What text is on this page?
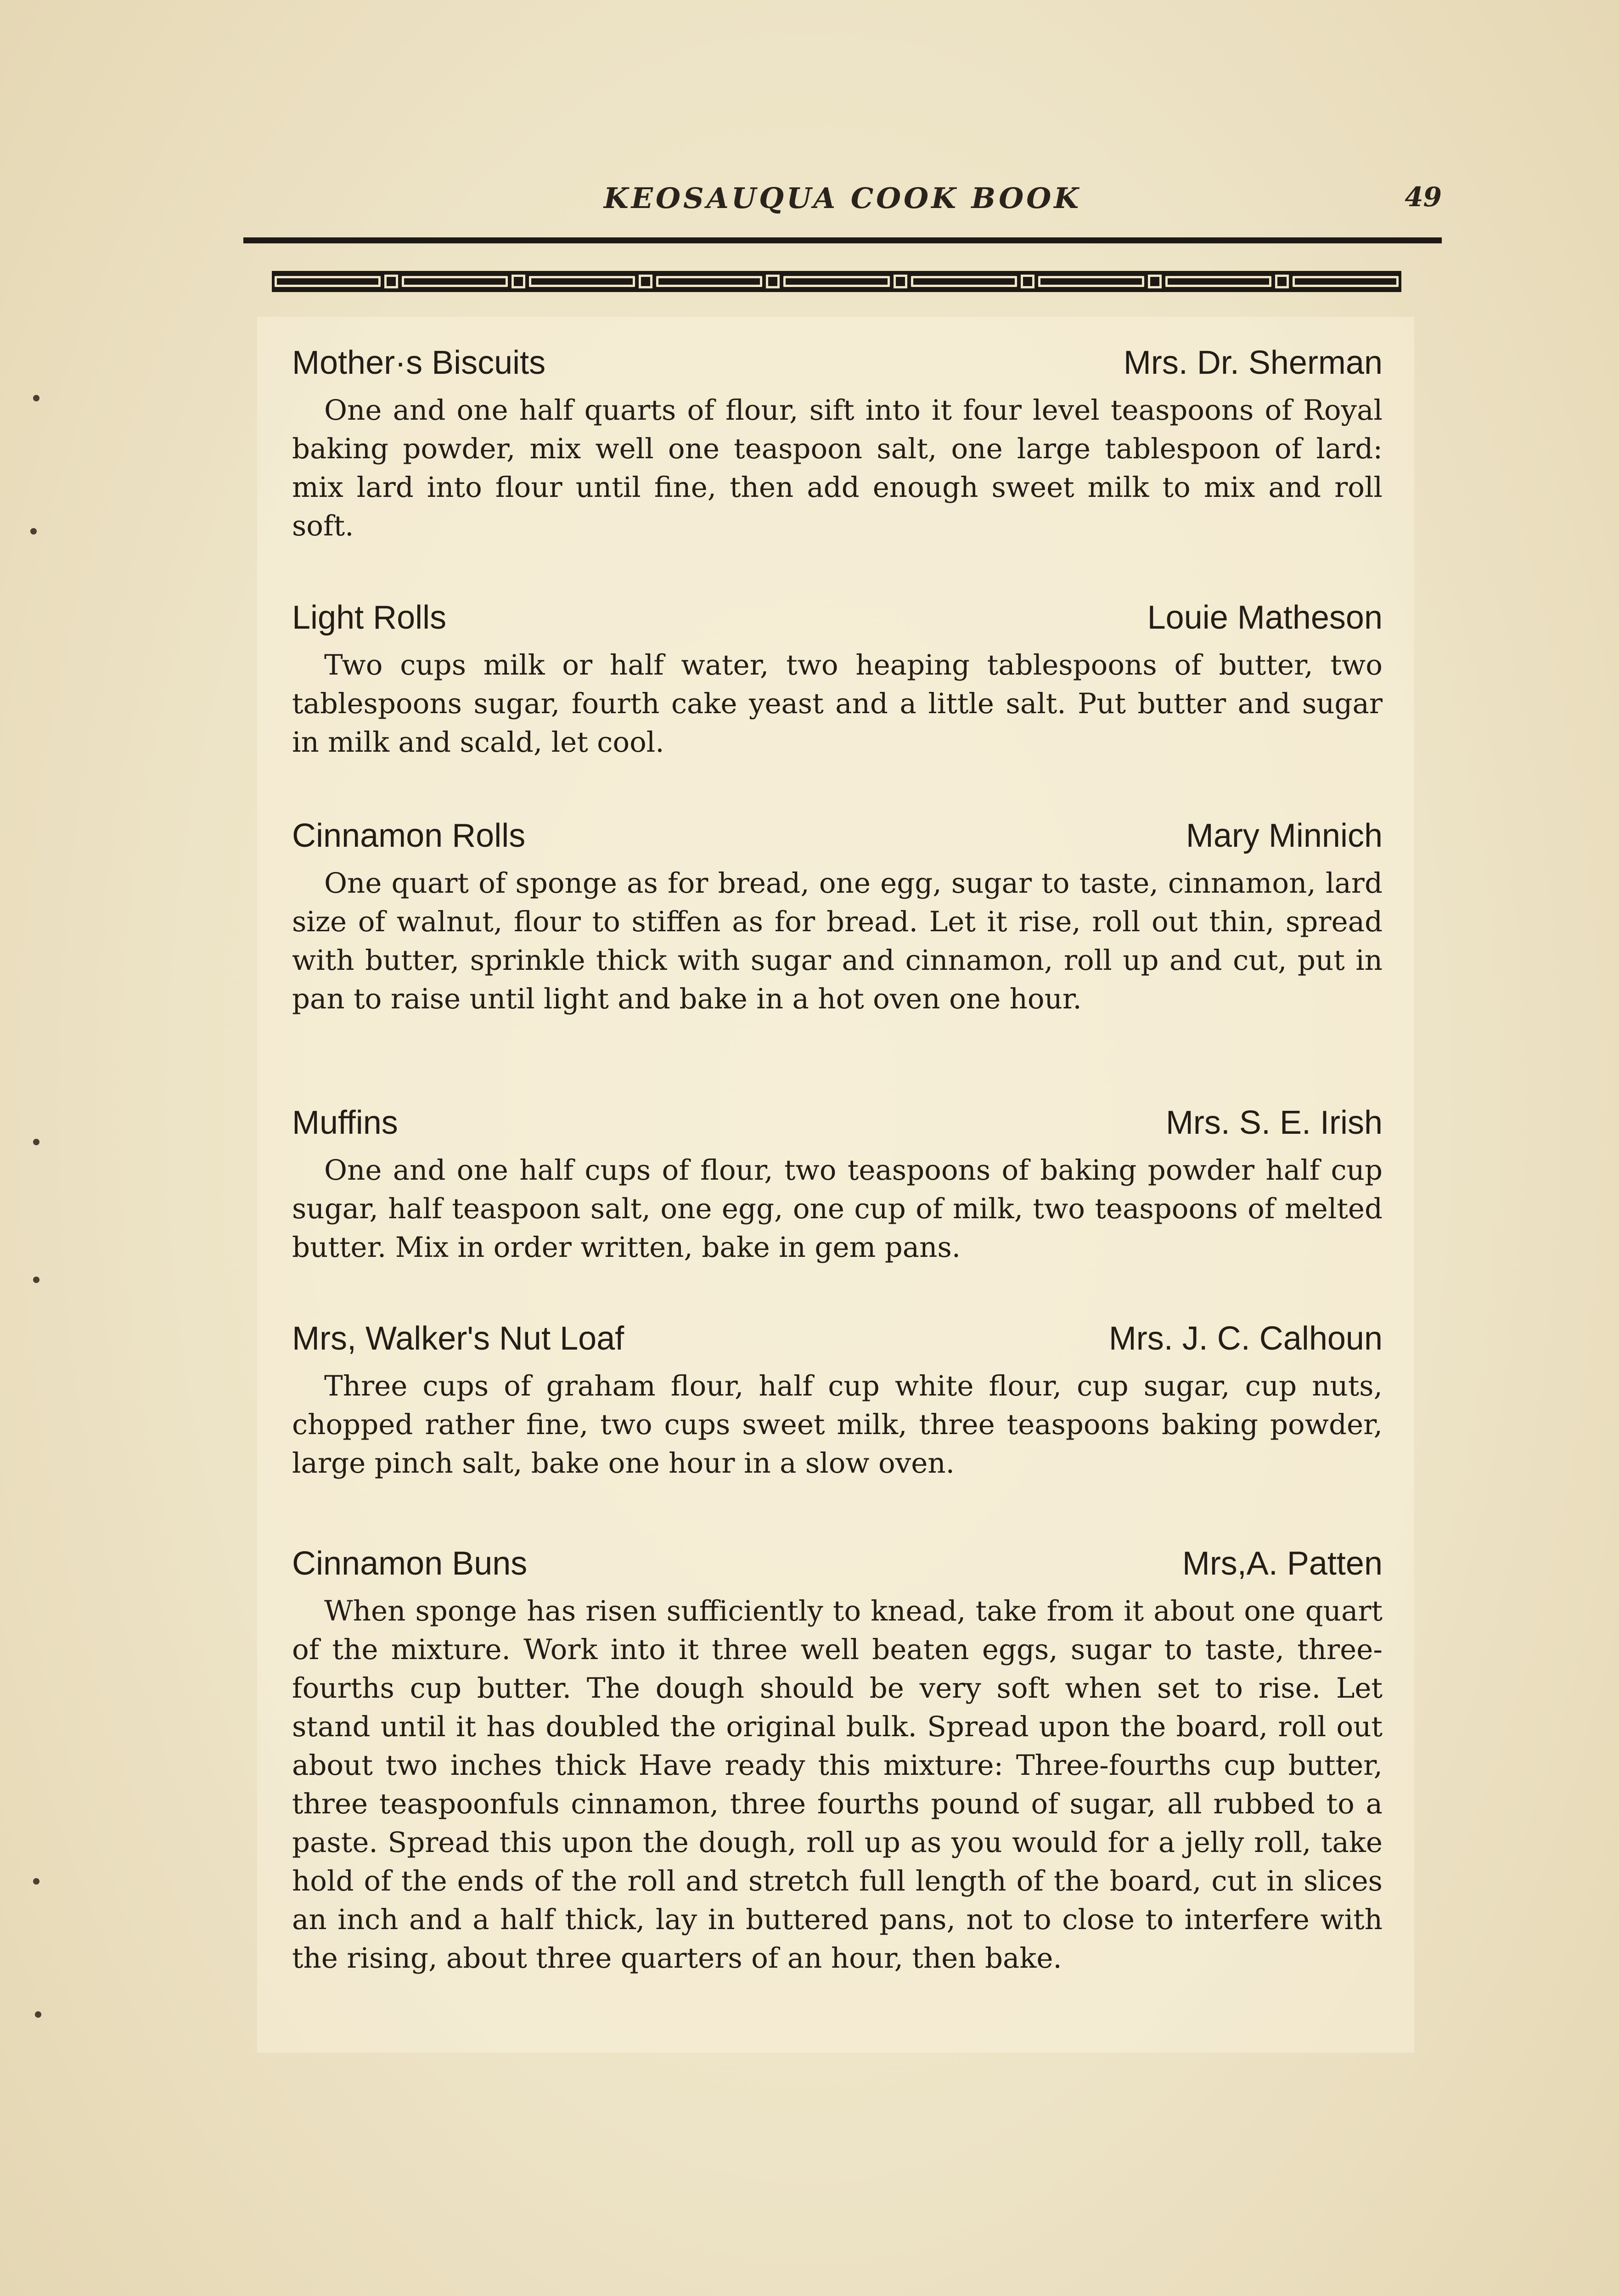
KEOSAUQUA COOK BOOK	49
Mother·s Biscuits	Mrs. Dr. Sherman
One and one half quarts of flour, sift into it four level teaspoons of Royal baking powder, mix well one teaspoon salt, one large tablespoon of lard: mix lard into flour until fine, then add enough sweet milk to mix and roll soft.
Light Rolls	Louie Matheson
Two cups milk or half water, two heaping tablespoons of butter, two tablespoons sugar, fourth cake yeast and a little salt. Put butter and sugar in milk and scald, let cool.
Cinnamon Rolls	Mary Minnich
One quart of sponge as for bread, one egg, sugar to taste, cinnamon, lard size of walnut, flour to stiffen as for bread. Let it rise, roll out thin, spread with butter, sprinkle thick with sugar and cinnamon, roll up and cut, put in pan to raise until light and bake in a hot oven one hour.
Muffins	Mrs. S. E. Irish
One and one half cups of flour, two teaspoons of baking powder half cup sugar, half teaspoon salt, one egg, one cup of milk, two teaspoons of melted butter. Mix in order written, bake in gem pans.
Mrs, Walker's Nut Loaf	Mrs. J. C. Calhoun
Three cups of graham flour, half cup white flour, cup sugar, cup nuts, chopped rather fine, two cups sweet milk, three teaspoons baking powder, large pinch salt, bake one hour in a slow oven.
Cinnamon Buns	Mrs,A. Patten
When sponge has risen sufficiently to knead, take from it about one quart of the mixture. Work into it three well beaten eggs, sugar to taste, three-fourths cup butter. The dough should be very soft when set to rise. Let stand until it has doubled the original bulk. Spread upon the board, roll out about two inches thick Have ready this mixture: Three-fourths cup butter, three teaspoonfuls cinnamon, three fourths pound of sugar, all rubbed to a paste. Spread this upon the dough, roll up as you would for a jelly roll, take hold of the ends of the roll and stretch full length of the board, cut in slices an inch and a half thick, lay in buttered pans, not to close to interfere with the rising, about three quarters of an hour, then bake.
